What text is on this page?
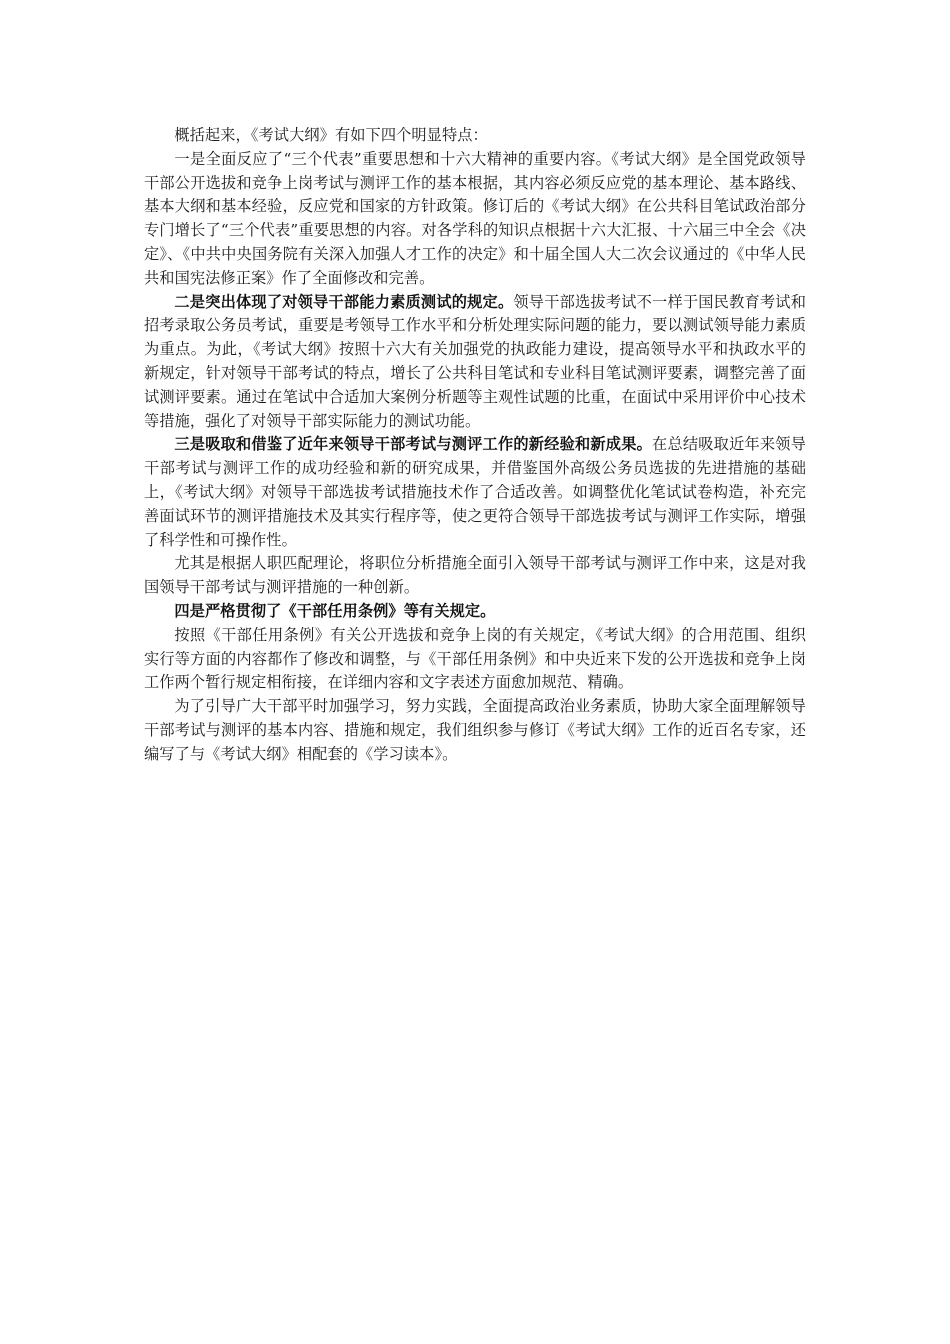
概括起来，《考试大纲》有如下四个明显特点：

一是全面反应了“三个代表”重要思想和十六大精神的重要内容。《考试大纲》是全国党政领导干部公开选拔和竞争上岗考试与测评工作的基本根据，其内容必须反应党的基本理论、基本路线、基本大纲和基本经验，反应党和国家的方针政策。修订后的《考试大纲》在公共科目笔试政治部分专门增长了“三个代表”重要思想的内容。对各学科的知识点根据十六大汇报、十六届三中全会《决定》、《中共中央国务院有关深入加强人才工作的决定》和十届全国人大二次会议通过的《中华人民共和国宪法修正案》作了全面修改和完善。

二是突出体现了对领导干部能力素质测试的规定。领导干部选拔考试不一样于国民教育考试和招考录取公务员考试，重要是考领导工作水平和分析处理实际问题的能力，要以测试领导能力素质为重点。为此，《考试大纲》按照十六大有关加强党的执政能力建设，提高领导水平和执政水平的新规定，针对领导干部考试的特点，增长了公共科目笔试和专业科目笔试测评要素，调整完善了面试测评要素。通过在笔试中合适加大案例分析题等主观性试题的比重，在面试中采用评价中心技术等措施，强化了对领导干部实际能力的测试功能。

三是吸取和借鉴了近年来领导干部考试与测评工作的新经验和新成果。在总结吸取近年来领导干部考试与测评工作的成功经验和新的研究成果，并借鉴国外高级公务员选拔的先进措施的基础上，《考试大纲》对领导干部选拔考试措施技术作了合适改善。如调整优化笔试试卷构造，补充完善面试环节的测评措施技术及其实行程序等，使之更符合领导干部选拔考试与测评工作实际，增强了科学性和可操作性。

尤其是根据人职匹配理论，将职位分析措施全面引入领导干部考试与测评工作中来，这是对我国领导干部考试与测评措施的一种创新。

四是严格贯彻了《干部任用条例》等有关规定。

按照《干部任用条例》有关公开选拔和竞争上岗的有关规定，《考试大纲》的合用范围、组织实行等方面的内容都作了修改和调整，与《干部任用条例》和中央近来下发的公开选拔和竞争上岗工作两个暂行规定相衔接，在详细内容和文字表述方面愈加规范、精确。

为了引导广大干部平时加强学习，努力实践，全面提高政治业务素质，协助大家全面理解领导干部考试与测评的基本内容、措施和规定，我们组织参与修订《考试大纲》工作的近百名专家，还编写了与《考试大纲》相配套的《学习读本》。
